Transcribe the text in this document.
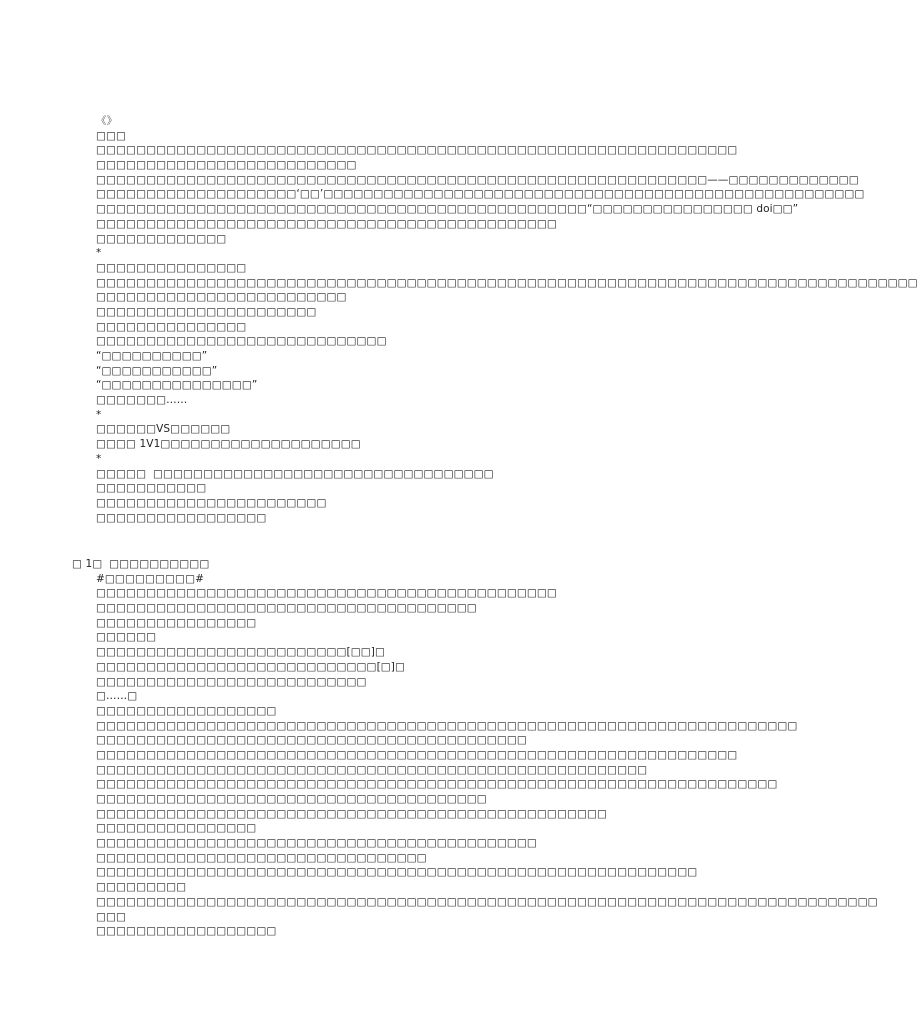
《》
□□□
□□□□□□□□□□□□□□□□□□□□□□□□□□□□□□□□□□□□□□□□□□□□□□□□□□□□□□□□□□□□□□□□
□□□□□□□□□□□□□□□□□□□□□□□□□□
□□□□□□□□□□□□□□□□□□□□□□□□□□□□□□□□□□□□□□□□□□□□□□□□□□□□□□□□□□□□□——□□□□□□□□□□□□□
□□□□□□□□□□□□□□□□□□□□‘□□’□□□□□□□□□□□□□□□□□□□□□□□□□□□□□□□□□□□□□□□□□□□□□□□□□□□□□□
□□□□□□□□□□□□□□□□□□□□□□□□□□□□□□□□□□□□□□□□□□□□□□□□□“□□□□□□□□□□□□□□□□ doi□□”
□□□□□□□□□□□□□□□□□□□□□□□□□□□□□□□□□□□□□□□□□□□□□□
□□□□□□□□□□□□□
*
□□□□□□□□□□□□□□□
□□□□□□□□□□□□□□□□□□□□□□□□□□□□□□□□□□□□□□□□□□□□□□□□□□□□□□□□□□□□□□□□□□□□□□□□□□□□□□□□□□
□□□□□□□□□□□□□□□□□□□□□□□□□
□□□□□□□□□□□□□□□□□□□□□□
□□□□□□□□□□□□□□□
□□□□□□□□□□□□□□□□□□□□□□□□□□□□□
“□□□□□□□□□□”
“□□□□□□□□□□□”
“□□□□□□□□□□□□□□□”
□□□□□□□……
*
□□□□□□VS□□□□□□
□□□□ 1V1□□□□□□□□□□□□□□□□□□□□
*
□□□□□  □□□□□□□□□□□□□□□□□□□□□□□□□□□□□□□□□□
□□□□□□□□□□□
□□□□□□□□□□□□□□□□□□□□□□□
□□□□□□□□□□□□□□□□□
□ 1□  □□□□□□□□□□
#□□□□□□□□□#
□□□□□□□□□□□□□□□□□□□□□□□□□□□□□□□□□□□□□□□□□□□□□□
□□□□□□□□□□□□□□□□□□□□□□□□□□□□□□□□□□□□□□
□□□□□□□□□□□□□□□□
□□□□□□
□□□□□□□□□□□□□□□□□□□□□□□□□[□□]□
□□□□□□□□□□□□□□□□□□□□□□□□□□□□[□]□
□□□□□□□□□□□□□□□□□□□□□□□□□□□
□……□
□□□□□□□□□□□□□□□□□□
□□□□□□□□□□□□□□□□□□□□□□□□□□□□□□□□□□□□□□□□□□□□□□□□□□□□□□□□□□□□□□□□□□□□□□
□□□□□□□□□□□□□□□□□□□□□□□□□□□□□□□□□□□□□□□□□□□
□□□□□□□□□□□□□□□□□□□□□□□□□□□□□□□□□□□□□□□□□□□□□□□□□□□□□□□□□□□□□□□□
□□□□□□□□□□□□□□□□□□□□□□□□□□□□□□□□□□□□□□□□□□□□□□□□□□□□□□□
□□□□□□□□□□□□□□□□□□□□□□□□□□□□□□□□□□□□□□□□□□□□□□□□□□□□□□□□□□□□□□□□□□□□
□□□□□□□□□□□□□□□□□□□□□□□□□□□□□□□□□□□□□□□
□□□□□□□□□□□□□□□□□□□□□□□□□□□□□□□□□□□□□□□□□□□□□□□□□□□
□□□□□□□□□□□□□□□□
□□□□□□□□□□□□□□□□□□□□□□□□□□□□□□□□□□□□□□□□□□□□
□□□□□□□□□□□□□□□□□□□□□□□□□□□□□□□□□
□□□□□□□□□□□□□□□□□□□□□□□□□□□□□□□□□□□□□□□□□□□□□□□□□□□□□□□□□□□□
□□□□□□□□□
□□□□□□□□□□□□□□□□□□□□□□□□□□□□□□□□□□□□□□□□□□□□□□□□□□□□□□□□□□□□□□□□□□□□□□□□□□□□□□
□□□
□□□□□□□□□□□□□□□□□□
